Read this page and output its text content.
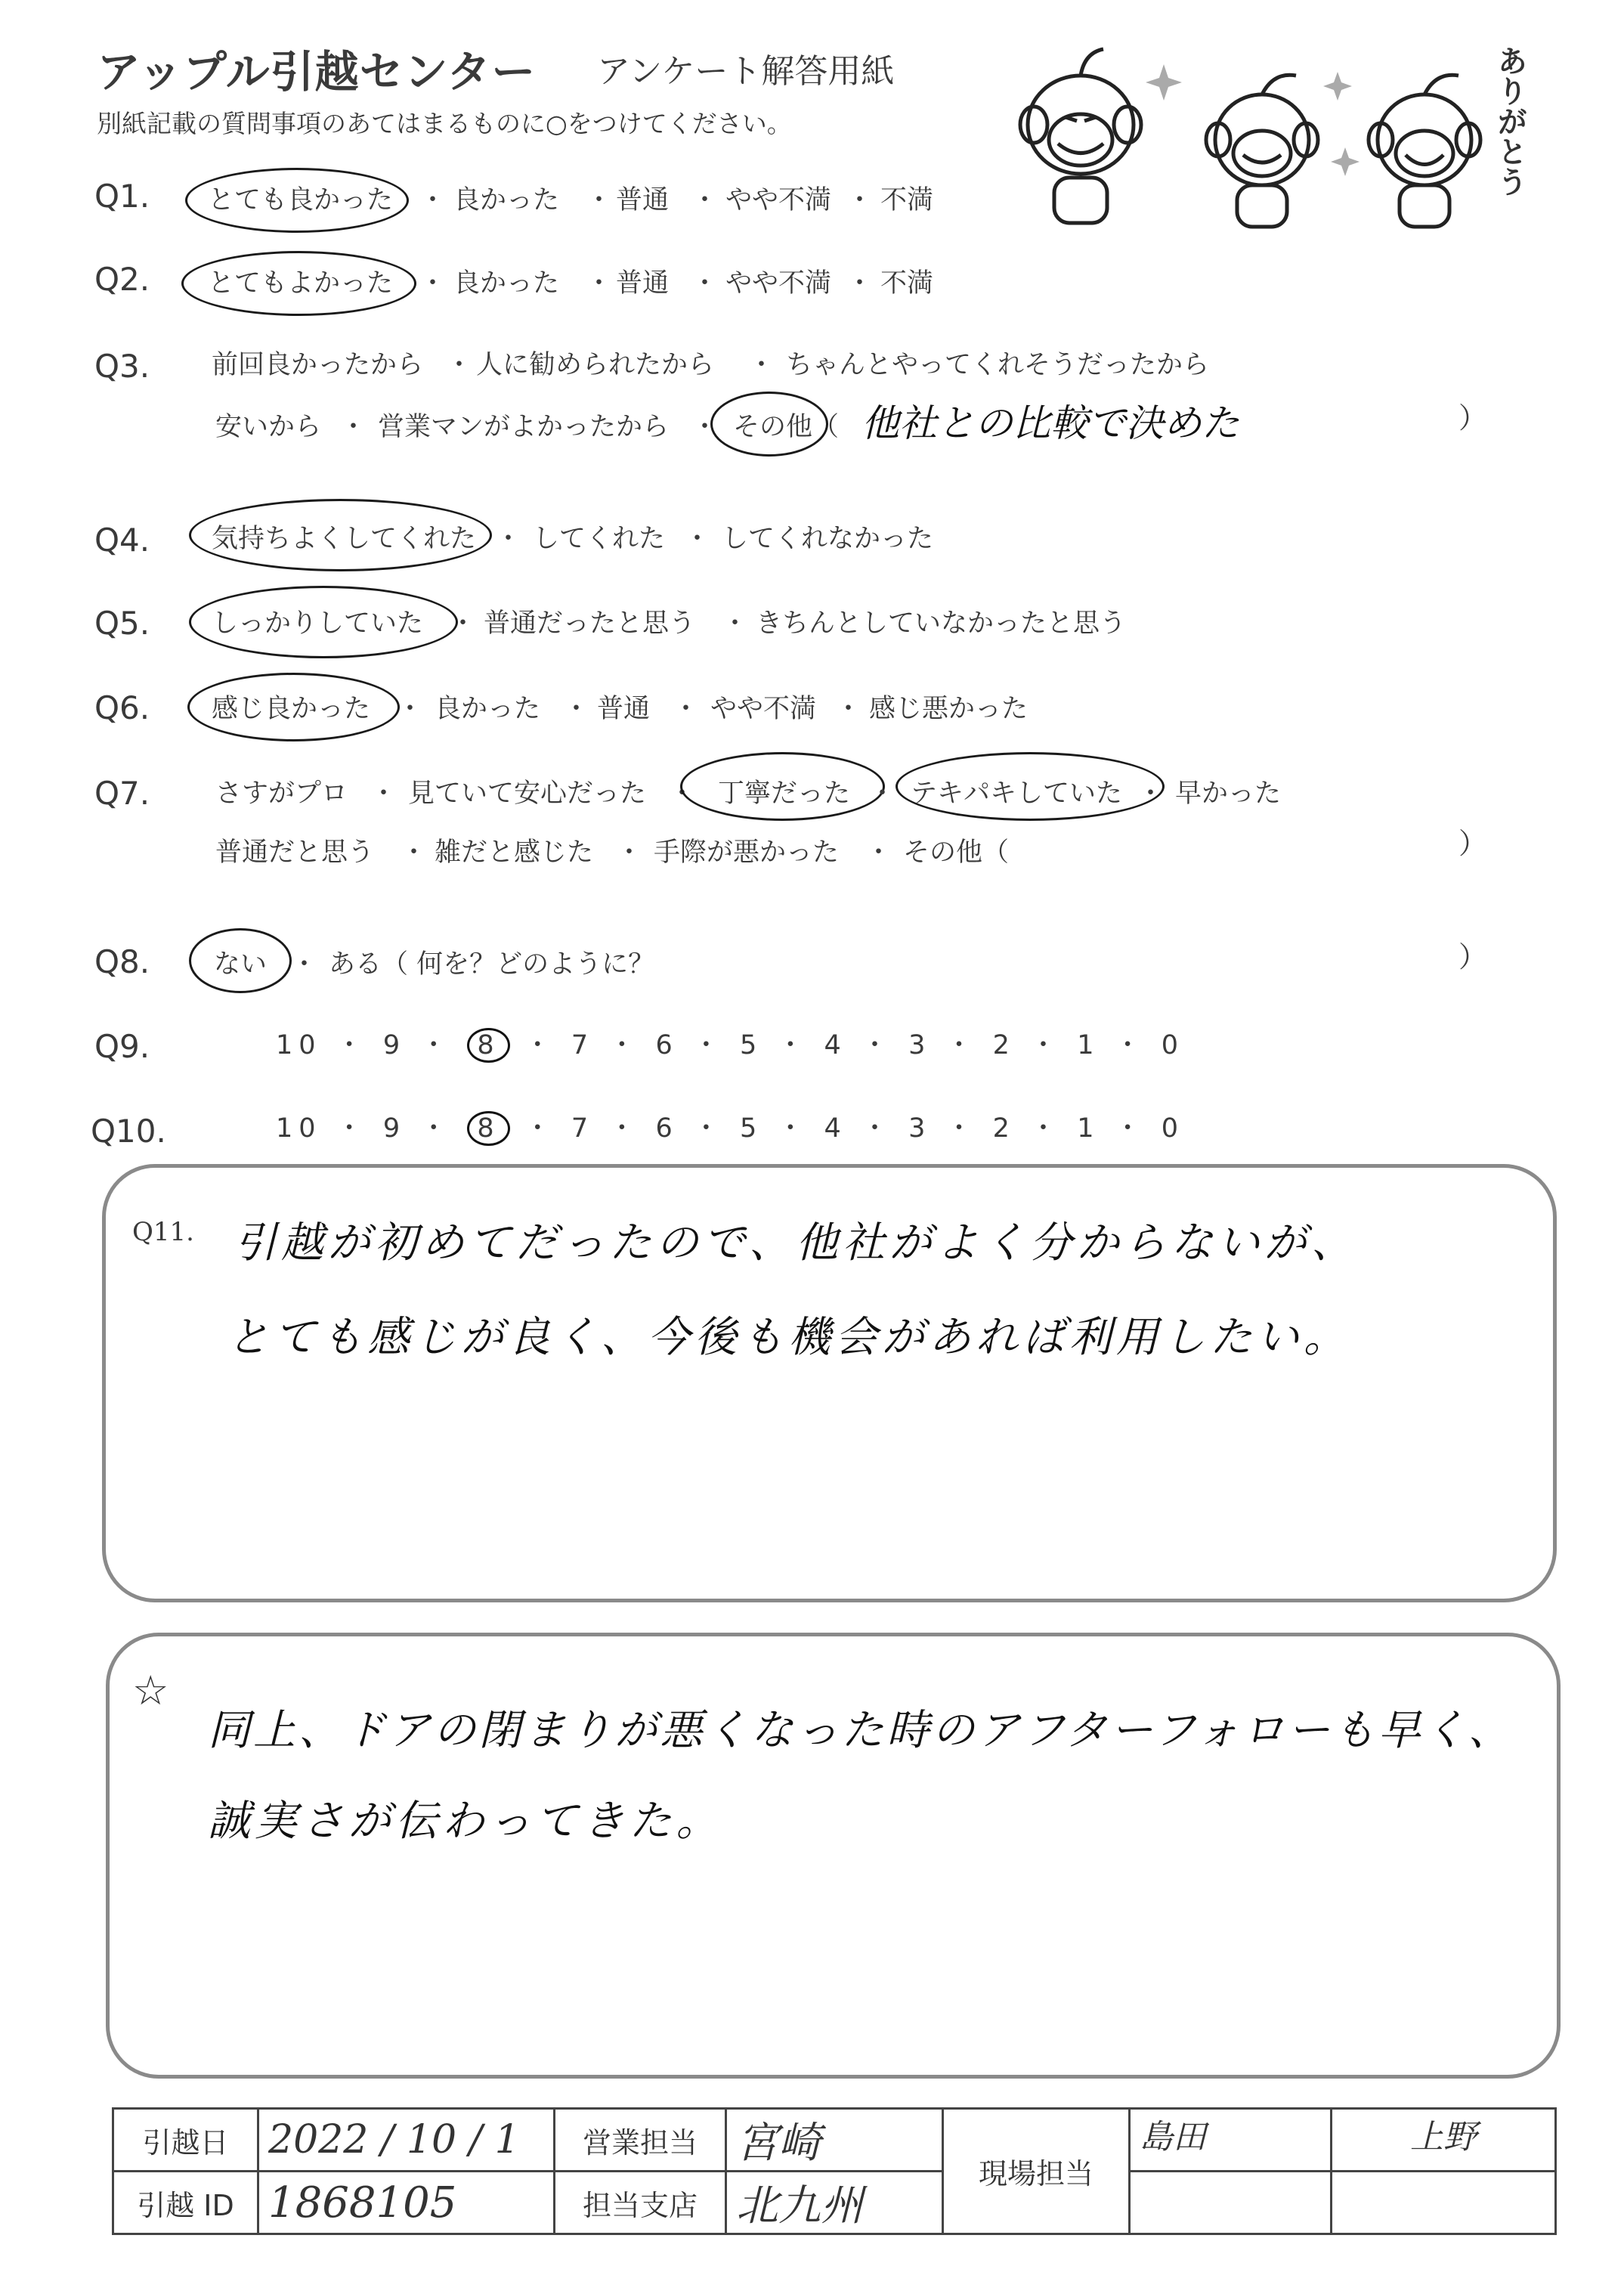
アップル引越センター アンケート解答用紙
別紙記載の質問事項のあてはまるものに○をつけてください。	ありがとう
Q1. とても良かった ・ 良かった ・ 普通 ・ やや不満 ・ 不満
Q2. とてもよかった ・ 良かった ・ 普通 ・ やや不満 ・ 不満
Q3. 前回良かったから ・ 人に勧められたから ・ ちゃんとやってくれそうだったから
安いから ・ 営業マンがよかったから ・ その他（ 他社との比較で決めた	）
Q4. 気持ちよくしてくれた ・ してくれた ・ してくれなかった
Q5. しっかりしていた ・ 普通だったと思う ・ きちんとしていなかったと思う
Q6. 感じ良かった ・ 良かった ・ 普通 ・ やや不満 ・ 感じ悪かった
Q7. さすがプロ ・ 見ていて安心だった ・ 丁寧だった ・ テキパキしていた ・ 早かった
普通だと思う ・ 雑だと感じた ・ 手際が悪かった ・ その他（	）
Q8. ない ・ ある（ 何を？どのように？	）
Q9.	10 ・ 9 ・ 8 ・ 7 ・ 6 ・ 5 ・ 4 ・ 3 ・ 2 ・ 1 ・ 0
Q10.	10 ・ 9 ・ 8 ・ 7 ・ 6 ・ 5 ・ 4 ・ 3 ・ 2 ・ 1 ・ 0
Q11. 引越が初めてだったので、他社がよく分からないが、
とても感じが良く、今後も機会があれば利用したい。
☆
同上、ドアの閉まりが悪くなった時のアフターフォローも早く、
誠実さが伝わってきた。
引越日	2022 / 10 / 1	営業担当	宮崎	現場担当	島田	上野
引越 ID	1868105	担当支店	北九州			
